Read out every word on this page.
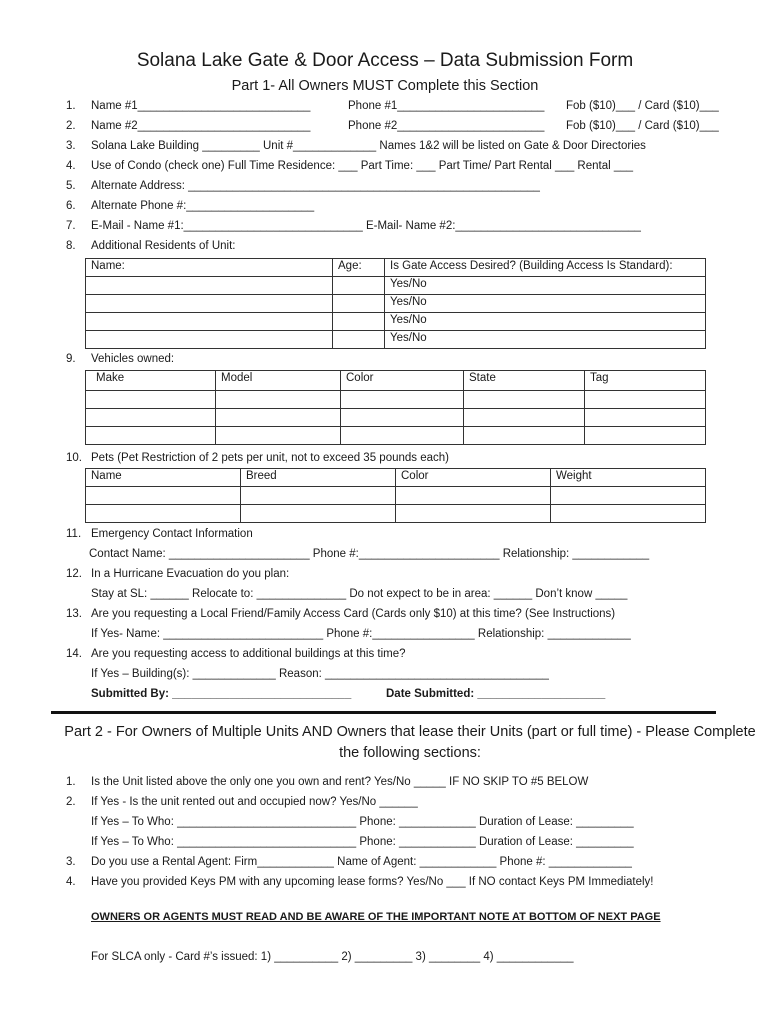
Solana Lake Gate & Door Access – Data Submission Form
Part 1- All Owners MUST Complete this Section
1. Name #1___________________________	Phone #1_______________________ Fob ($10)___ / Card ($10)___
2. Name #2___________________________	Phone #2_______________________ Fob ($10)___ / Card ($10)___
3. Solana Lake Building _________ Unit #_____________ Names 1&2 will be listed on Gate & Door Directories
4. Use of Condo (check one) Full Time Residence: ___ Part Time: ___ Part Time/ Part Rental ___ Rental ___
5. Alternate Address: _______________________________________________________
6. Alternate Phone #:____________________
7. E-Mail - Name #1:____________________________ E-Mail- Name #2:_____________________________
8. Additional Residents of Unit:
Name:	Age:	Is Gate Access Desired? (Building Access Is Standard):
		Yes/No
		Yes/No
		Yes/No
		Yes/No
9. Vehicles owned:
Make	Model	Color	State	Tag

10. Pets (Pet Restriction of 2 pets per unit, not to exceed 35 pounds each)
Name	Breed	Color	Weight

11. Emergency Contact Information
Contact Name: ______________________ Phone #:______________________ Relationship: ____________
12. In a Hurricane Evacuation do you plan:
Stay at SL: ______ Relocate to: ______________ Do not expect to be in area: ______ Don’t know _____
13. Are you requesting a Local Friend/Family Access Card (Cards only $10) at this time? (See Instructions)
If Yes- Name: _________________________ Phone #:________________ Relationship: _____________
14. Are you requesting access to additional buildings at this time?
If Yes – Building(s): _____________ Reason: ___________________________________
Submitted By: ____________________________	Date Submitted: ____________________
Part 2 - For Owners of Multiple Units AND Owners that lease their Units (part or full time) - Please Complete the following sections:
1. Is the Unit listed above the only one you own and rent? Yes/No _____ IF NO SKIP TO #5 BELOW
2. If Yes - Is the unit rented out and occupied now? Yes/No ______
If Yes – To Who: ____________________________ Phone: ____________ Duration of Lease: _________
If Yes – To Who: ____________________________ Phone: ____________ Duration of Lease: _________
3. Do you use a Rental Agent: Firm____________ Name of Agent: ____________ Phone #: _____________
4. Have you provided Keys PM with any upcoming lease forms? Yes/No ___ If NO contact Keys PM Immediately!
OWNERS OR AGENTS MUST READ AND BE AWARE OF THE IMPORTANT NOTE AT BOTTOM OF NEXT PAGE
For SLCA only - Card #’s issued: 1) __________ 2) _________ 3) ________ 4) ____________
